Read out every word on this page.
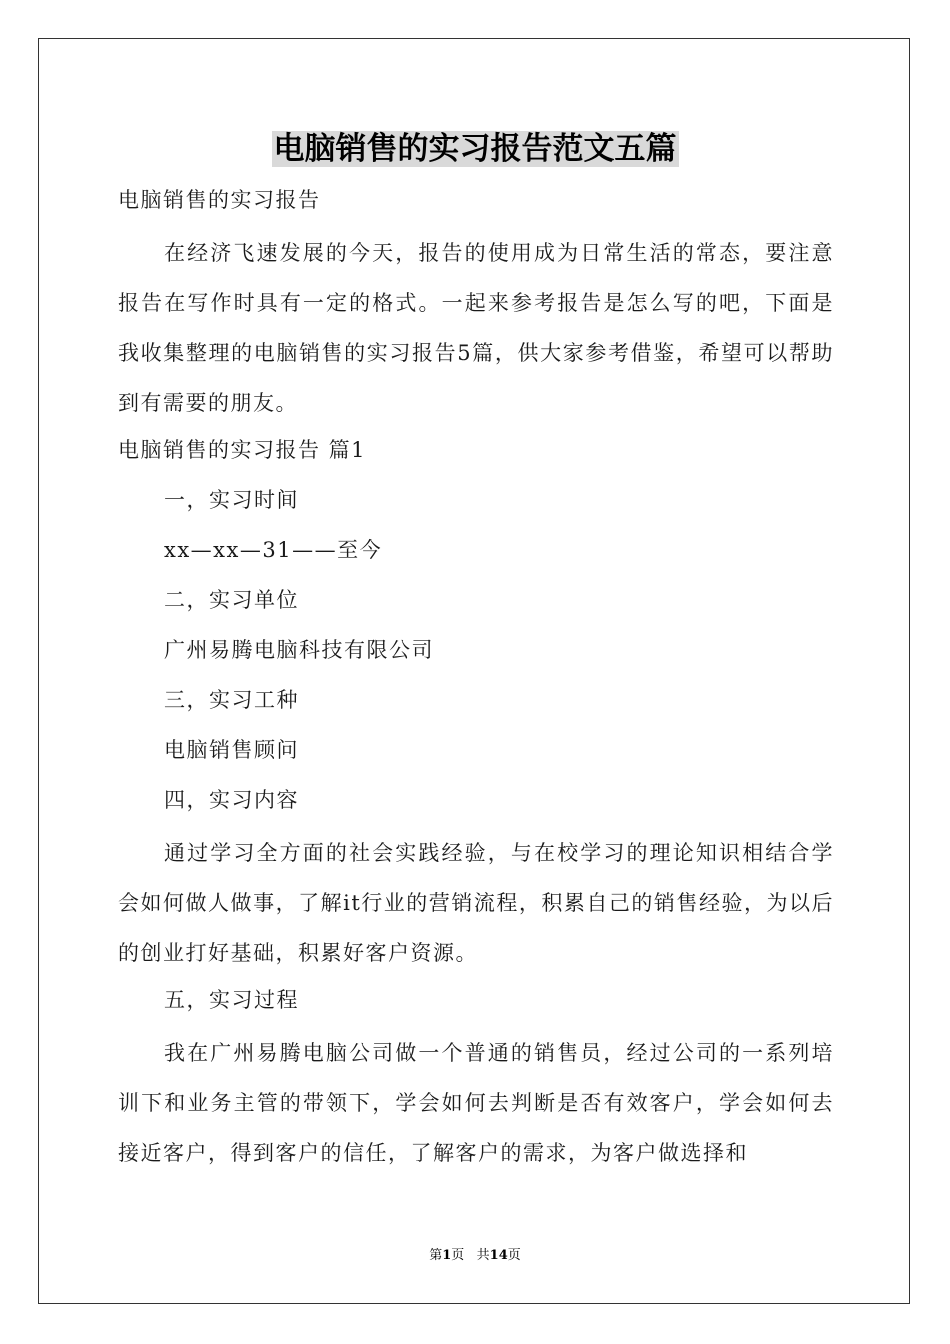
电脑销售的实习报告范文五篇
电脑销售的实习报告
在经济飞速发展的今天，报告的使用成为日常生活的常态，要注意报告在写作时具有一定的格式。一起来参考报告是怎么写的吧，下面是我收集整理的电脑销售的实习报告5篇，供大家参考借鉴，希望可以帮助到有需要的朋友。
电脑销售的实习报告 篇1
一，实习时间
xx—xx—31——至今
二，实习单位
广州易腾电脑科技有限公司
三，实习工种
电脑销售顾问
四，实习内容
通过学习全方面的社会实践经验，与在校学习的理论知识相结合学会如何做人做事，了解it行业的营销流程，积累自己的销售经验，为以后的创业打好基础，积累好客户资源。
五，实习过程
我在广州易腾电脑公司做一个普通的销售员，经过公司的一系列培训下和业务主管的带领下，学会如何去判断是否有效客户，学会如何去接近客户，得到客户的信任，了解客户的需求，为客户做选择和
第1页   共14页
